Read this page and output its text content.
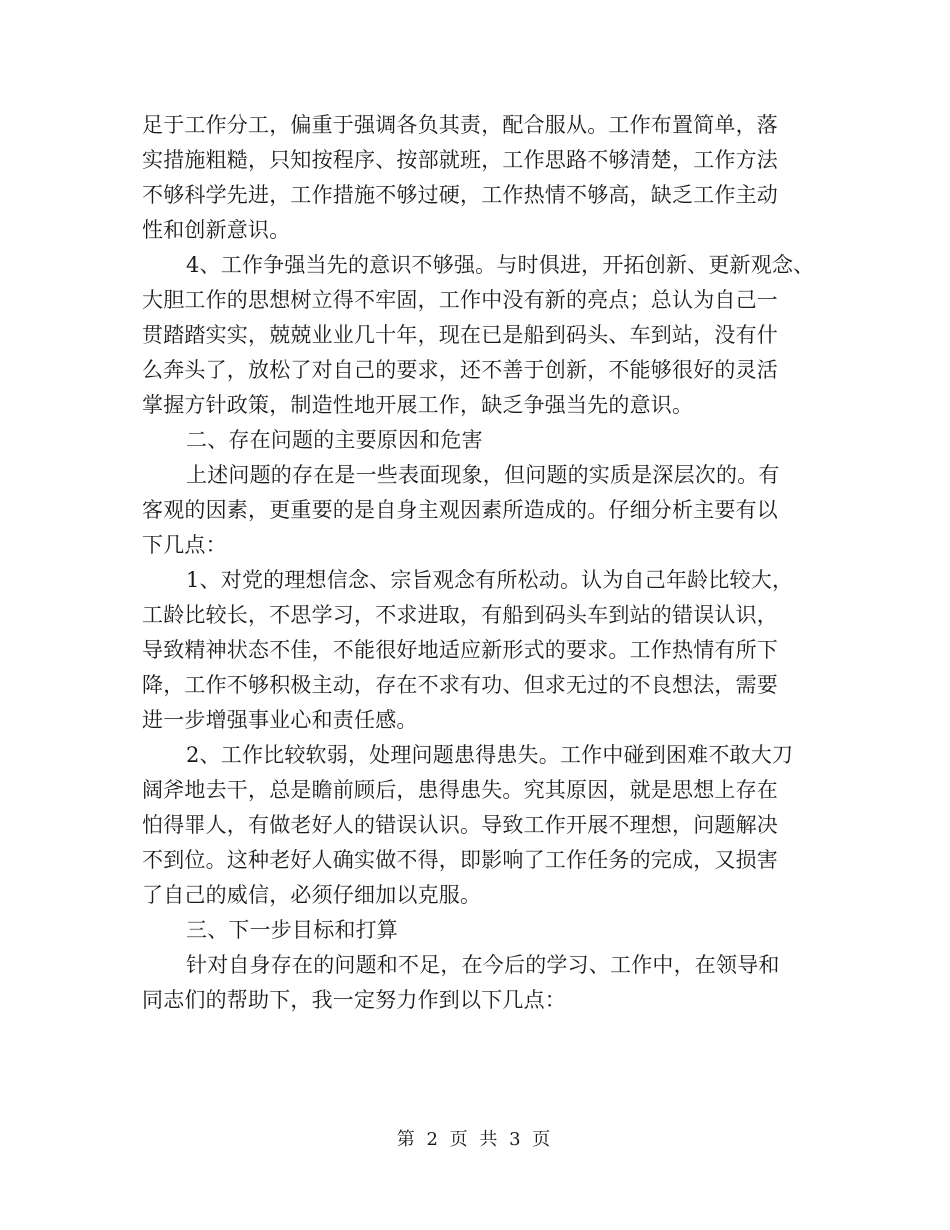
足于工作分工，偏重于强调各负其责，配合服从。工作布置简单，落
实措施粗糙，只知按程序、按部就班，工作思路不够清楚，工作方法
不够科学先进，工作措施不够过硬，工作热情不够高，缺乏工作主动
性和创新意识。
4、工作争强当先的意识不够强。与时俱进，开拓创新、更新观念、
大胆工作的思想树立得不牢固，工作中没有新的亮点；总认为自己一
贯踏踏实实，兢兢业业几十年，现在已是船到码头、车到站，没有什
么奔头了，放松了对自己的要求，还不善于创新，不能够很好的灵活
掌握方针政策，制造性地开展工作，缺乏争强当先的意识。
二、存在问题的主要原因和危害
上述问题的存在是一些表面现象，但问题的实质是深层次的。有
客观的因素，更重要的是自身主观因素所造成的。仔细分析主要有以
下几点：
1、对党的理想信念、宗旨观念有所松动。认为自己年龄比较大，
工龄比较长，不思学习，不求进取，有船到码头车到站的错误认识，
导致精神状态不佳，不能很好地适应新形式的要求。工作热情有所下
降，工作不够积极主动，存在不求有功、但求无过的不良想法，需要
进一步增强事业心和责任感。
2、工作比较软弱，处理问题患得患失。工作中碰到困难不敢大刀
阔斧地去干，总是瞻前顾后，患得患失。究其原因，就是思想上存在
怕得罪人，有做老好人的错误认识。导致工作开展不理想，问题解决
不到位。这种老好人确实做不得，即影响了工作任务的完成，又损害
了自己的威信，必须仔细加以克服。
三、下一步目标和打算
针对自身存在的问题和不足，在今后的学习、工作中，在领导和
同志们的帮助下，我一定努力作到以下几点：
第 2 页 共 3 页
